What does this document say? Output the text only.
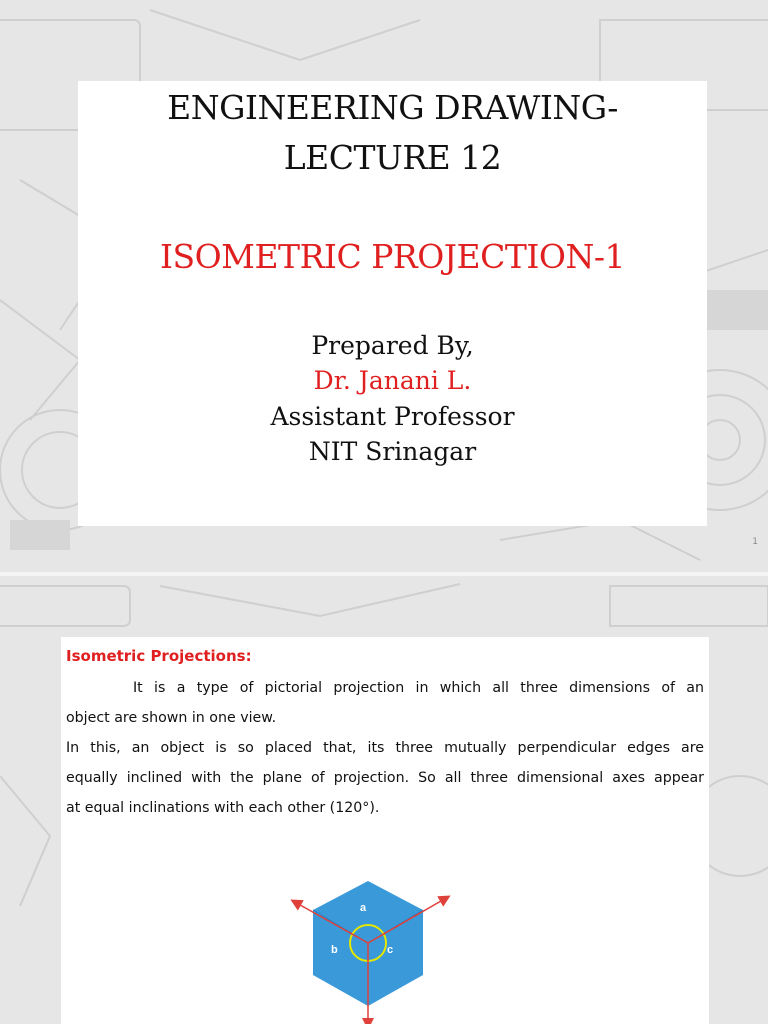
ENGINEERING DRAWING-

LECTURE 12

ISOMETRIC PROJECTION-1

Prepared By,

Dr. Janani L.

Assistant Professor

NIT Srinagar

1

Isometric Projections:

It is a type of pictorial projection in which all three dimensions of an
object are shown in one view.
In this, an object is so placed that, its three mutually perpendicular edges are
equally inclined with the plane of projection. So all three dimensional axes appear
at equal inclinations with each other (120°).
a
b	c
